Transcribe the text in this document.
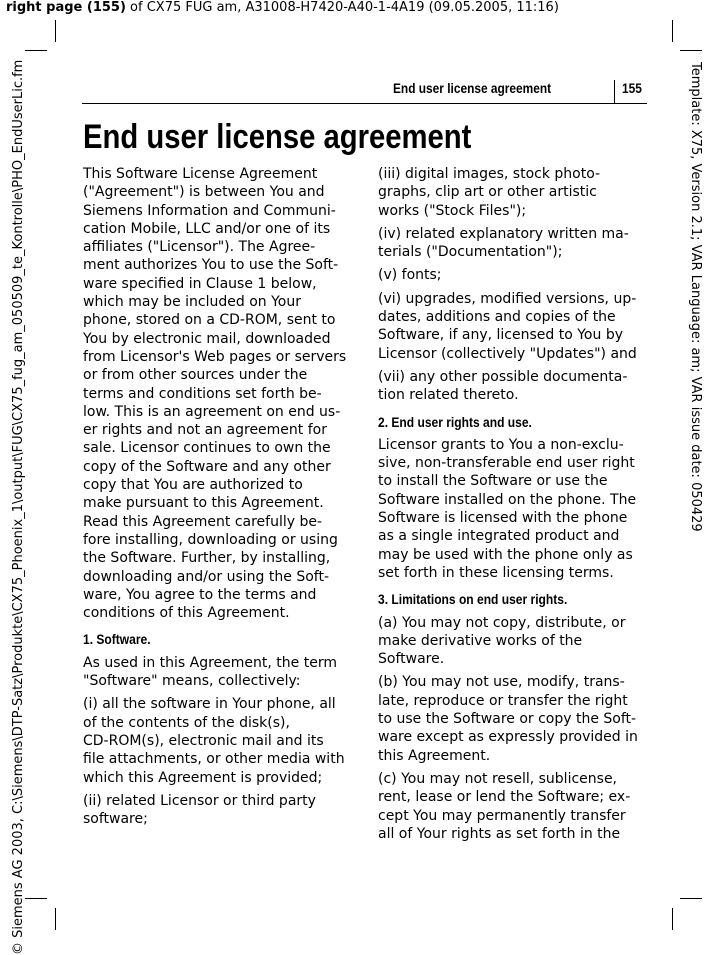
right page (155) of CX75 FUG am, A31008-H7420-A40-1-4A19 (09.05.2005, 11:16)
© Siemens AG 2003, C:\Siemens\DTP-Satz\Produkte\CX75_Phoenix_1\output\FUG\CX75_fug_am_050509_te_Kontrolle\PHO_EndUserLic.fm	Template: X75, Version 2.1; VAR Language: am; VAR issue date: 050429
End user license agreement	155
End user license agreement

This Software License Agreement
("Agreement") is between You and
Siemens Information and Communi-
cation Mobile, LLC and/or one of its
affiliates ("Licensor"). The Agree-
ment authorizes You to use the Soft-
ware specified in Clause 1 below,
which may be included on Your
phone, stored on a CD-ROM, sent to
You by electronic mail, downloaded
from Licensor's Web pages or servers
or from other sources under the
terms and conditions set forth be-
low. This is an agreement on end us-
er rights and not an agreement for
sale. Licensor continues to own the
copy of the Software and any other
copy that You are authorized to
make pursuant to this Agreement.
Read this Agreement carefully be-
fore installing, downloading or using
the Software. Further, by installing,
downloading and/or using the Soft-
ware, You agree to the terms and
conditions of this Agreement.

1. Software.

As used in this Agreement, the term
"Software" means, collectively:

(i) all the software in Your phone, all
of the contents of the disk(s),
CD-ROM(s), electronic mail and its
file attachments, or other media with
which this Agreement is provided;

(ii) related Licensor or third party
software;

(iii) digital images, stock photo-
graphs, clip art or other artistic
works ("Stock Files");

(iv) related explanatory written ma-
terials ("Documentation");

(v) fonts;

(vi) upgrades, modified versions, up-
dates, additions and copies of the
Software, if any, licensed to You by
Licensor (collectively "Updates") and

(vii) any other possible documenta-
tion related thereto.

2. End user rights and use.

Licensor grants to You a non-exclu-
sive, non-transferable end user right
to install the Software or use the
Software installed on the phone. The
Software is licensed with the phone
as a single integrated product and
may be used with the phone only as
set forth in these licensing terms.

3. Limitations on end user rights.

(a) You may not copy, distribute, or
make derivative works of the
Software.

(b) You may not use, modify, trans-
late, reproduce or transfer the right
to use the Software or copy the Soft-
ware except as expressly provided in
this Agreement.

(c) You may not resell, sublicense,
rent, lease or lend the Software; ex-
cept You may permanently transfer
all of Your rights as set forth in the
